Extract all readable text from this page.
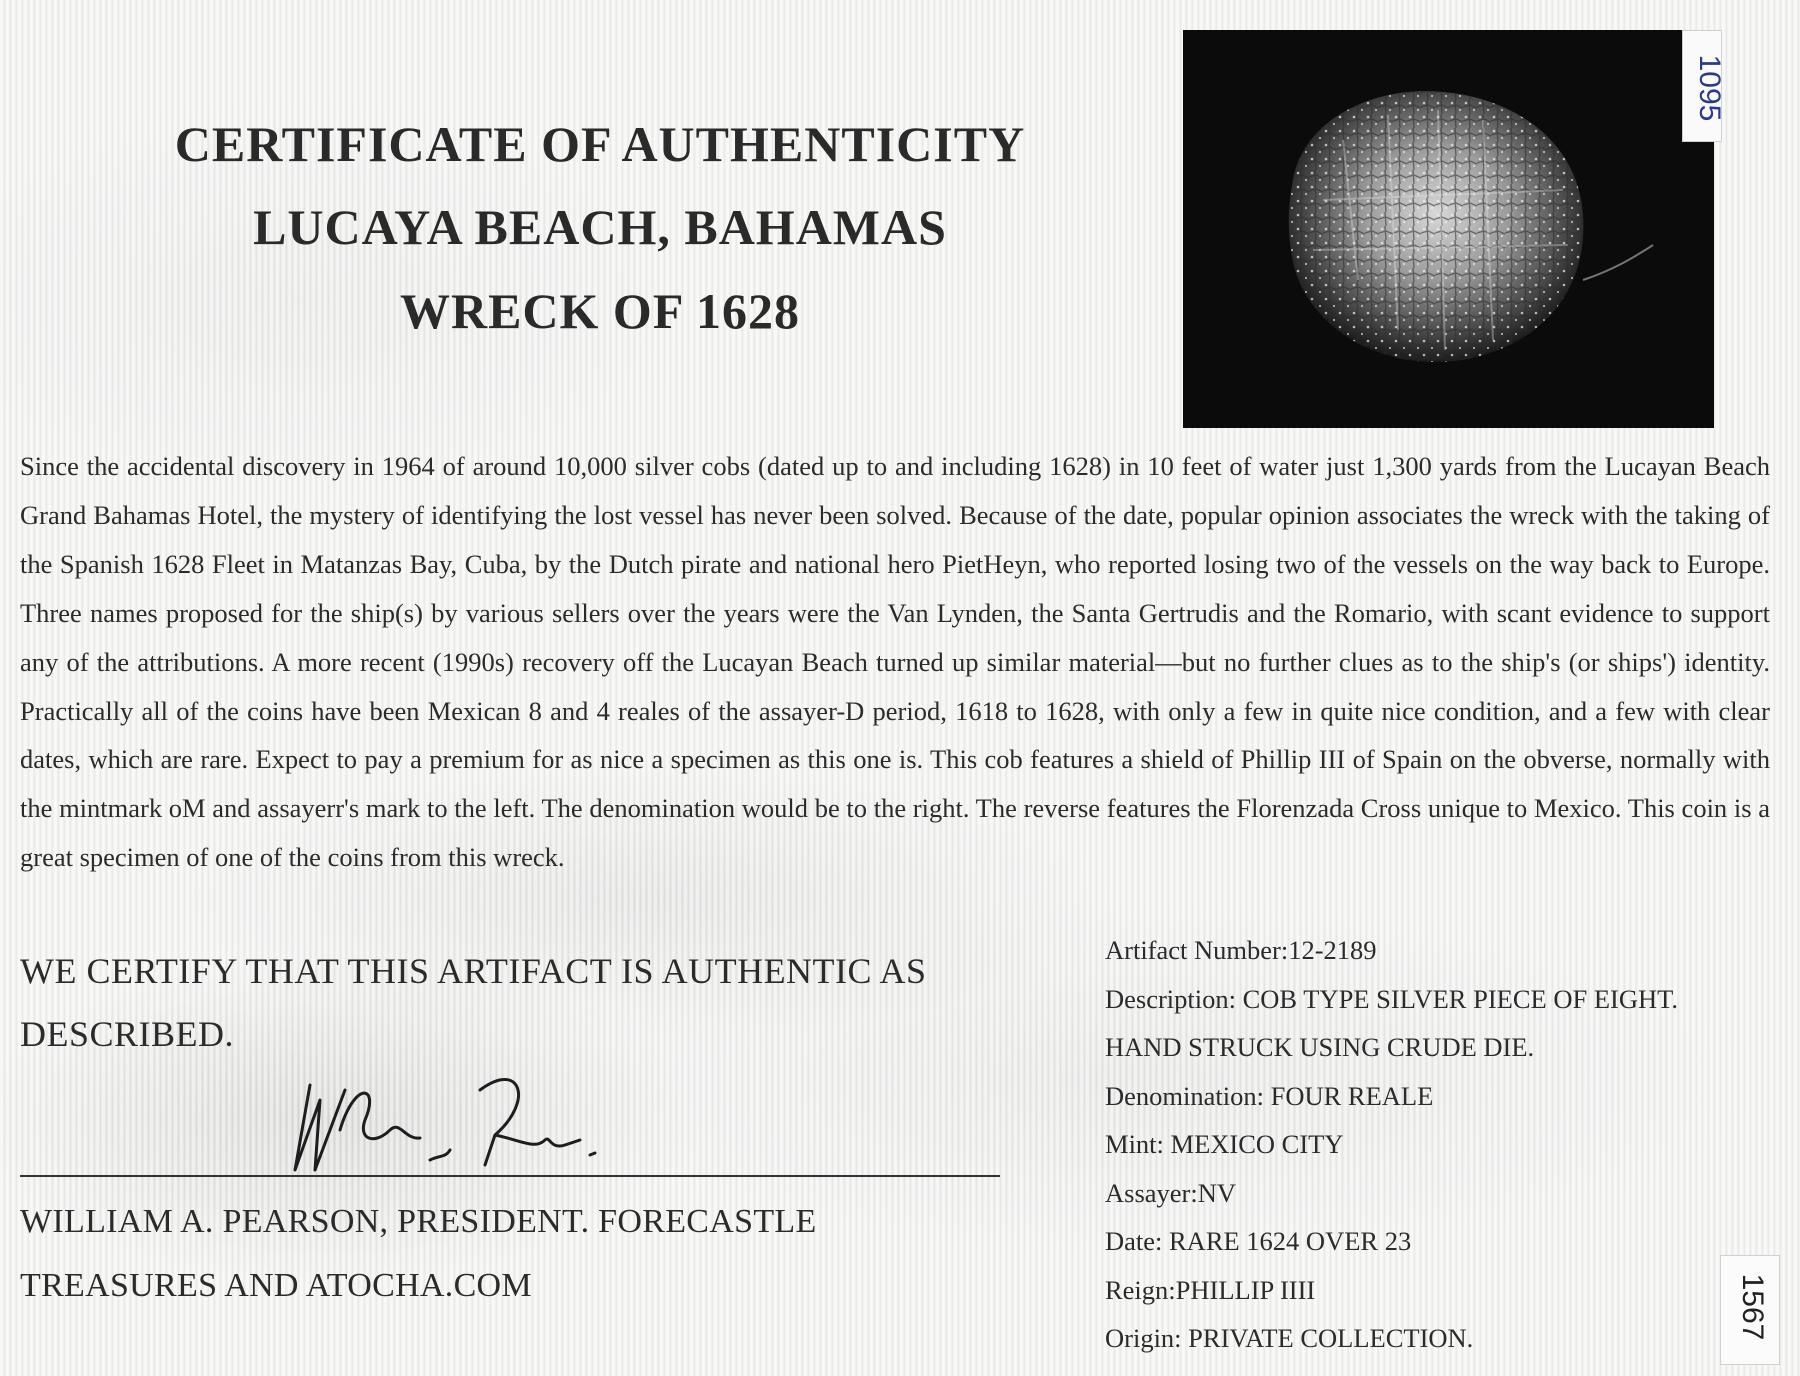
CERTIFICATE OF AUTHENTICITY
LUCAYA BEACH, BAHAMAS
WRECK OF 1628
1095
Since the accidental discovery in 1964 of around 10,000 silver cobs (dated up to and including 1628) in 10 feet of water just 1,300 yards from the Lucayan Beach Grand Bahamas Hotel, the mystery of identifying the lost vessel has never been solved. Because of the date, popular opinion associates the wreck with the taking of the Spanish 1628 Fleet in Matanzas Bay, Cuba, by the Dutch pirate and national hero PietHeyn, who reported losing two of the vessels on the way back to Europe. Three names proposed for the ship(s) by various sellers over the years were the Van Lynden, the Santa Gertrudis and the Romario, with scant evidence to support any of the attributions. A more recent (1990s) recovery off the Lucayan Beach turned up similar material—but no further clues as to the ship's (or ships') identity. Practically all of the coins have been Mexican 8 and 4 reales of the assayer-D period, 1618 to 1628, with only a few in quite nice condition, and a few with clear dates, which are rare. Expect to pay a premium for as nice a specimen as this one is. This cob features a shield of Phillip III of Spain on the obverse, normally with the mintmark oM and assayerr's mark to the left. The denomination would be to the right. The reverse features the Florenzada Cross unique to Mexico. This coin is a great specimen of one of the coins from this wreck.
WE CERTIFY THAT THIS ARTIFACT IS AUTHENTIC AS
DESCRIBED.
WILLIAM A. PEARSON, PRESIDENT. FORECASTLE
TREASURES AND ATOCHA.COM
Artifact Number:12-2189
Description: COB TYPE SILVER PIECE OF EIGHT.
HAND STRUCK USING CRUDE DIE.
Denomination: FOUR REALE
Mint: MEXICO CITY
Assayer:NV
Date: RARE 1624 OVER 23
Reign:PHILLIP IIII
Origin: PRIVATE COLLECTION.	1567
